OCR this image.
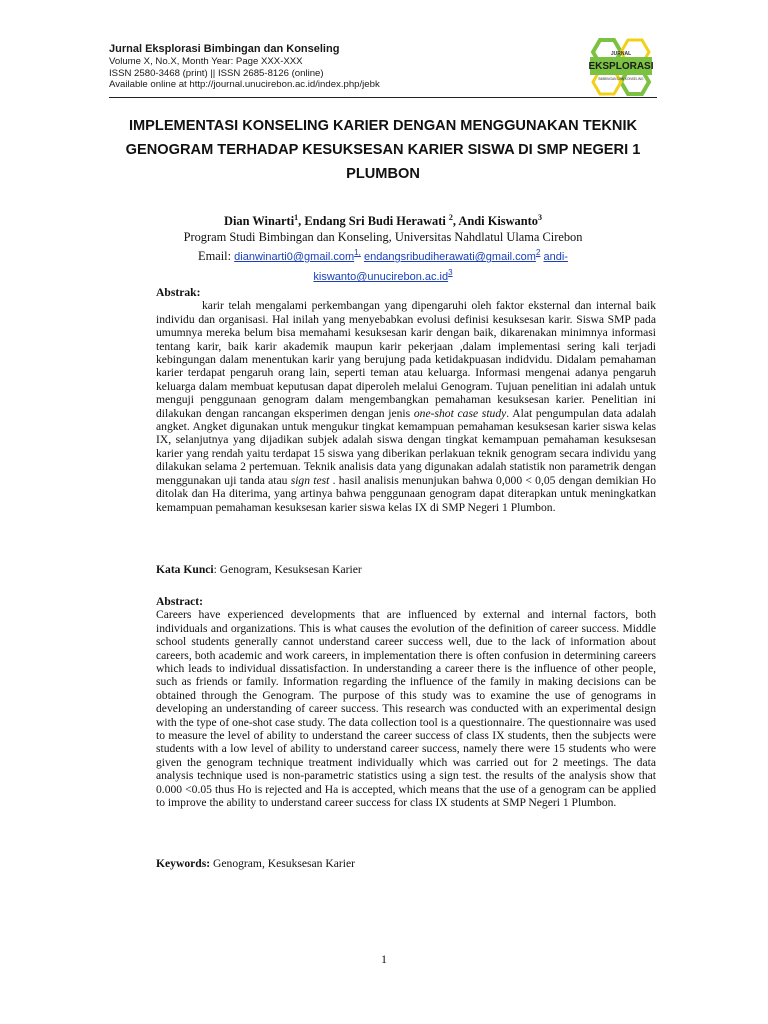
Jurnal Eksplorasi Bimbingan dan Konseling
Volume X, No.X, Month Year: Page XXX-XXX
ISSN 2580-3468 (print) || ISSN 2685-8126 (online)
Available online at http://journal.unucirebon.ac.id/index.php/jebk
JURNAL
EKSPLORASI
BIMBINGAN DAN KONSELING
IMPLEMENTASI KONSELING KARIER DENGAN MENGGUNAKAN TEKNIK
GENOGRAM TERHADAP KESUKSESAN KARIER SISWA DI SMP NEGERI 1
PLUMBON
Dian Winarti$^1$, Endang Sri Budi Herawati $^2$, Andi Kiswanto$^3$
Program Studi Bimbingan dan Konseling, Universitas Nahdlatul Ulama Cirebon
Email: dianwinarti0@gmail.com$^{1,}$ endangsribudiherawati@gmail.com$^2$ andi-
$kiswanto@unucirebon.ac.id^3$
Abstrak:

karir telah mengalami perkembangan yang dipengaruhi oleh faktor eksternal dan internal baik individu dan organisasi. Hal inilah yang menyebabkan evolusi definisi kesuksesan karir. Siswa SMP pada umumnya mereka belum bisa memahami kesuksesan karir dengan baik, dikarenakan minimnya informasi tentang karir, baik karir akademik maupun karir pekerjaan ,dalam implementasi sering kali terjadi kebingungan dalam menentukan karir yang berujung pada ketidakpuasan indidvidu. Didalam pemahaman karier terdapat pengaruh orang lain, seperti teman atau keluarga. Informasi mengenai adanya pengaruh keluarga dalam membuat keputusan dapat diperoleh melalui Genogram. Tujuan penelitian ini adalah untuk menguji penggunaan genogram dalam mengembangkan pemahaman kesuksesan karier. Penelitian ini dilakukan dengan rancangan eksperimen dengan jenis one-shot case study. Alat pengumpulan data adalah angket. Angket digunakan untuk mengukur tingkat kemampuan pemahaman kesuksesan karier siswa kelas IX, selanjutnya yang dijadikan subjek adalah siswa dengan tingkat kemampuan pemahaman kesuksesan karier yang rendah yaitu terdapat 15 siswa yang diberikan perlakuan teknik genogram secara individu yang dilakukan selama 2 pertemuan. Teknik analisis data yang digunakan adalah statistik non parametrik dengan menggunakan uji tanda atau sign test . hasil analisis menunjukan bahwa 0,000 < 0,05 dengan demikian Ho ditolak dan Ha diterima, yang artinya bahwa penggunaan genogram dapat diterapkan untuk meningkatkan kemampuan pemahaman kesuksesan karier siswa kelas IX di SMP Negeri 1 Plumbon.

Kata Kunci: Genogram, Kesuksesan Karier
Abstract:

Careers have experienced developments that are influenced by external and internal factors, both individuals and organizations. This is what causes the evolution of the definition of career success. Middle school students generally cannot understand career success well, due to the lack of information about careers, both academic and work careers, in implementation there is often confusion in determining careers which leads to individual dissatisfaction. In understanding a career there is the influence of other people, such as friends or family. Information regarding the influence of the family in making decisions can be obtained through the Genogram. The purpose of this study was to examine the use of genograms in developing an understanding of career success. This research was conducted with an experimental design with the type of one-shot case study. The data collection tool is a questionnaire. The questionnaire was used to measure the level of ability to understand the career success of class IX students, then the subjects were students with a low level of ability to understand career success, namely there were 15 students who were given the genogram technique treatment individually which was carried out for 2 meetings. The data analysis technique used is non-parametric statistics using a sign test. the results of the analysis show that 0.000 <0.05 thus Ho is rejected and Ha is accepted, which means that the use of a genogram can be applied to improve the ability to understand career success for class IX students at SMP Negeri 1 Plumbon.

Keywords: Genogram, Kesuksesan Karier
1
